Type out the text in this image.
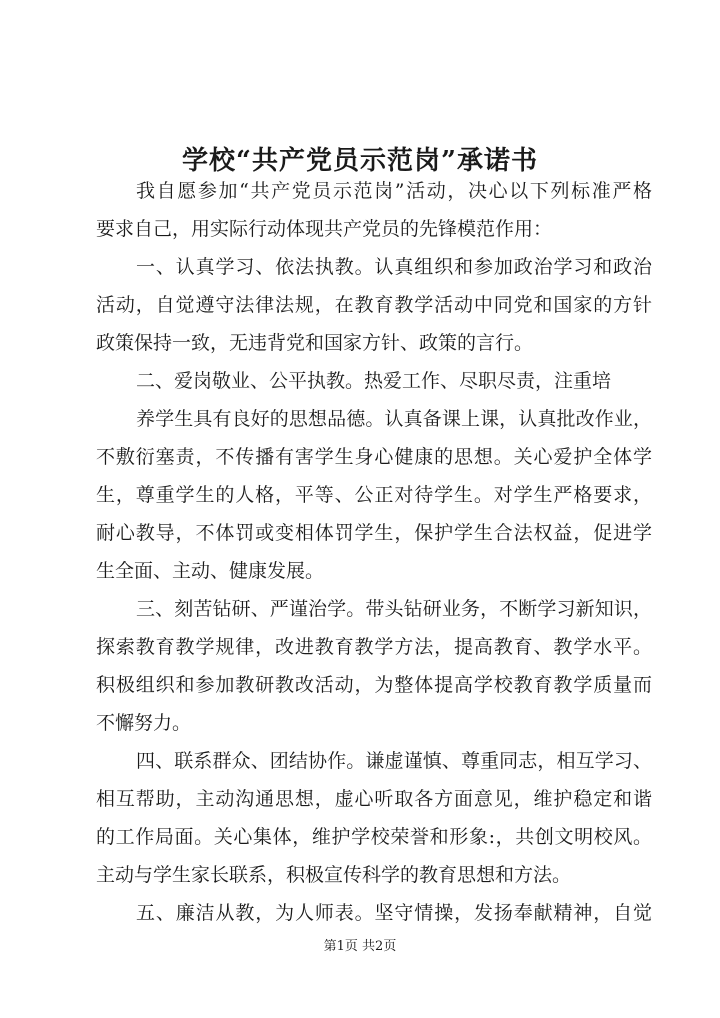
学校“共产党员示范岗”承诺书
我自愿参加“共产党员示范岗”活动，决心以下列标准严格
要求自己，用实际行动体现共产党员的先锋模范作用：
一、认真学习、依法执教。认真组织和参加政治学习和政治
活动，自觉遵守法律法规，在教育教学活动中同党和国家的方针
政策保持一致，无违背党和国家方针、政策的言行。
二、爱岗敬业、公平执教。热爱工作、尽职尽责，注重培
养学生具有良好的思想品德。认真备课上课，认真批改作业，
不敷衍塞责，不传播有害学生身心健康的思想。关心爱护全体学
生，尊重学生的人格，平等、公正对待学生。对学生严格要求，
耐心教导，不体罚或变相体罚学生，保护学生合法权益，促进学
生全面、主动、健康发展。
三、刻苦钻研、严谨治学。带头钻研业务，不断学习新知识，
探索教育教学规律，改进教育教学方法，提高教育、教学水平。
积极组织和参加教研教改活动，为整体提高学校教育教学质量而
不懈努力。
四、联系群众、团结协作。谦虚谨慎、尊重同志，相互学习、
相互帮助，主动沟通思想，虚心听取各方面意见，维护稳定和谐
的工作局面。关心集体，维护学校荣誉和形象:，共创文明校风。
主动与学生家长联系，积极宣传科学的教育思想和方法。
五、廉洁从教，为人师表。坚守情操，发扬奉献精神，自觉
第1页 共2页
